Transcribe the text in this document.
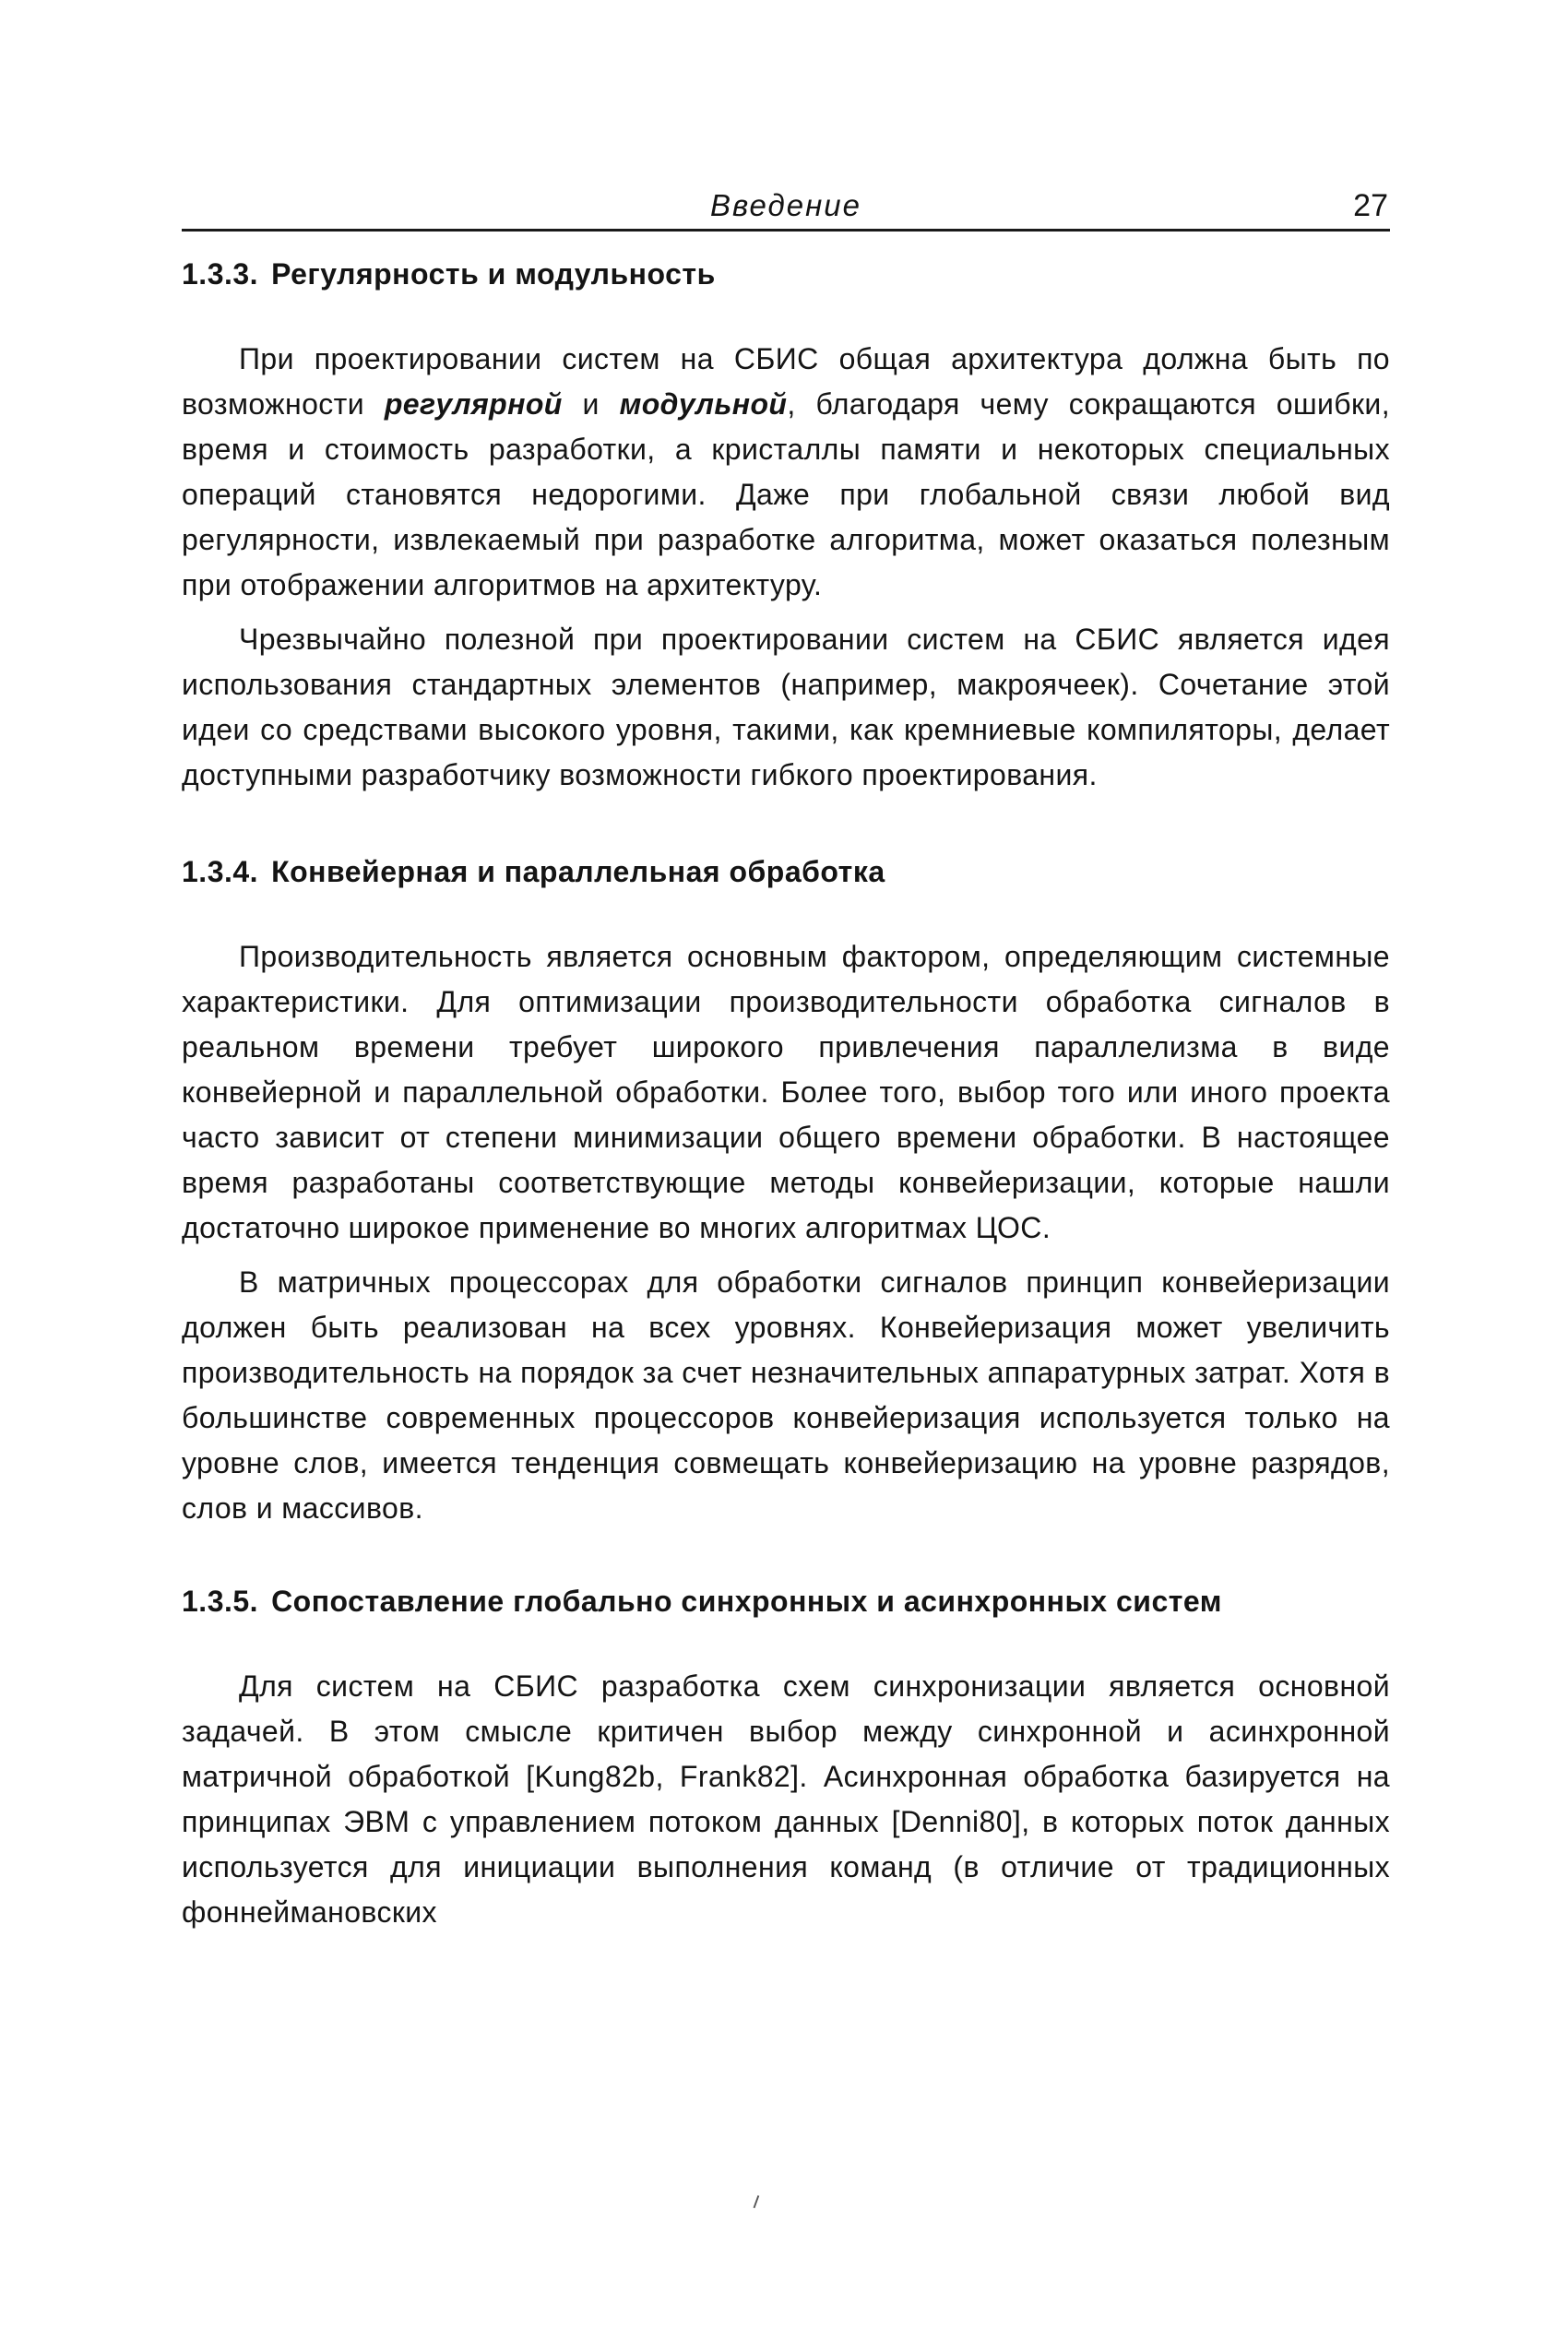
Введение	27
1.3.3. Регулярность и модульность

При проектировании систем на СБИС общая архитектура должна быть по возможности регулярной и модульной, благодаря чему сокращаются ошибки, время и стоимость разработки, а кристаллы памяти и некоторых специальных операций становятся недорогими. Даже при глобальной связи любой вид регулярности, извлекаемый при разработке алгоритма, может оказаться полезным при отображении алгоритмов на архитектуру.

Чрезвычайно полезной при проектировании систем на СБИС является идея использования стандартных элементов (например, макроячеек). Сочетание этой идеи со средствами высокого уровня, такими, как кремниевые компиляторы, делает доступными разработчику возможности гибкого проектирования.

1.3.4. Конвейерная и параллельная обработка

Производительность является основным фактором, определяющим системные характеристики. Для оптимизации производительности обработка сигналов в реальном времени требует широкого привлечения параллелизма в виде конвейерной и параллельной обработки. Более того, выбор того или иного проекта часто зависит от степени минимизации общего времени обработки. В настоящее время разработаны соответствующие методы конвейеризации, которые нашли достаточно широкое применение во многих алгоритмах ЦОС.

В матричных процессорах для обработки сигналов принцип конвейеризации должен быть реализован на всех уровнях. Конвейеризация может увеличить производительность на порядок за счет незначительных аппаратурных затрат. Хотя в большинстве современных процессоров конвейеризация используется только на уровне слов, имеется тенденция совмещать конвейеризацию на уровне разрядов, слов и массивов.

1.3.5. Сопоставление глобально синхронных и асинхронных систем

Для систем на СБИС разработка схем синхронизации является основной задачей. В этом смысле критичен выбор между синхронной и асинхронной матричной обработкой [Kung82b, Frank82]. Асинхронная обработка базируется на принципах ЭВМ с управлением потоком данных [Denni80], в которых поток данных используется для инициации выполнения команд (в отличие от традиционных фоннеймановских

╵
